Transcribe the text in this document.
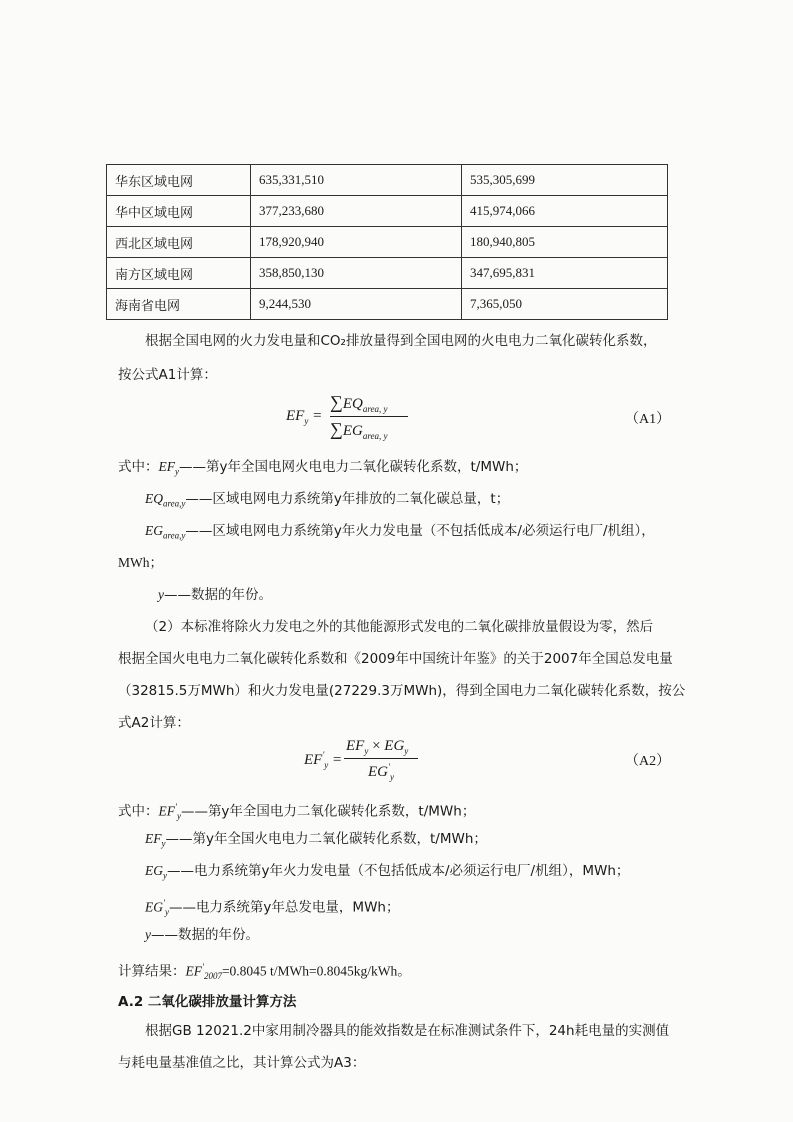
华东区域电网	635,331,510	535,305,699
华中区域电网	377,233,680	415,974,066
西北区域电网	178,920,940	180,940,805
南方区域电网	358,850,130	347,695,831
海南省电网	9,244,530	7,365,050
根据全国电网的火力发电量和CO₂排放量得到全国电网的火电电力二氧化碳转化系数，
按公式A1计算：
$EF_y$ =
$\sum EQ_{area, y}$
$\sum EG_{area, y}$
（A1）
式中：$EF_y——$第y年全国电网火电电力二氧化碳转化系数，t/MWh；
$EQ_{area,y}——$区域电网电力系统第y年排放的二氧化碳总量，t；
$EG_{area,y}——$区域电网电力系统第y年火力发电量（不包括低成本/必须运行电厂/机组），
MWh；
y——数据的年份。
（2）本标准将除火力发电之外的其他能源形式发电的二氧化碳排放量假设为零，然后
根据全国火电电力二氧化碳转化系数和《2009年中国统计年鉴》的关于2007年全国总发电量
（32815.5万MWh）和火力发电量(27229.3万MWh)，得到全国电力二氧化碳转化系数，按公
式A2计算：
$EF'_y$ =
$EF_y \times EG_y$
$EG'_y$
（A2）
式中：$EF'_y——$第y年全国电力二氧化碳转化系数，t/MWh；
$EF_y——$第y年全国火电电力二氧化碳转化系数，t/MWh；
$EG_y——$电力系统第y年火力发电量（不包括低成本/必须运行电厂/机组），MWh；
$EG'_y——$电力系统第y年总发电量，MWh；
y——数据的年份。
计算结果：$EF'_{2007}=0.8045$ t/MWh=0.8045kg/kWh。
A.2 二氧化碳排放量计算方法
根据GB 12021.2中家用制冷器具的能效指数是在标准测试条件下，24h耗电量的实测值
与耗电量基准值之比，其计算公式为A3：
